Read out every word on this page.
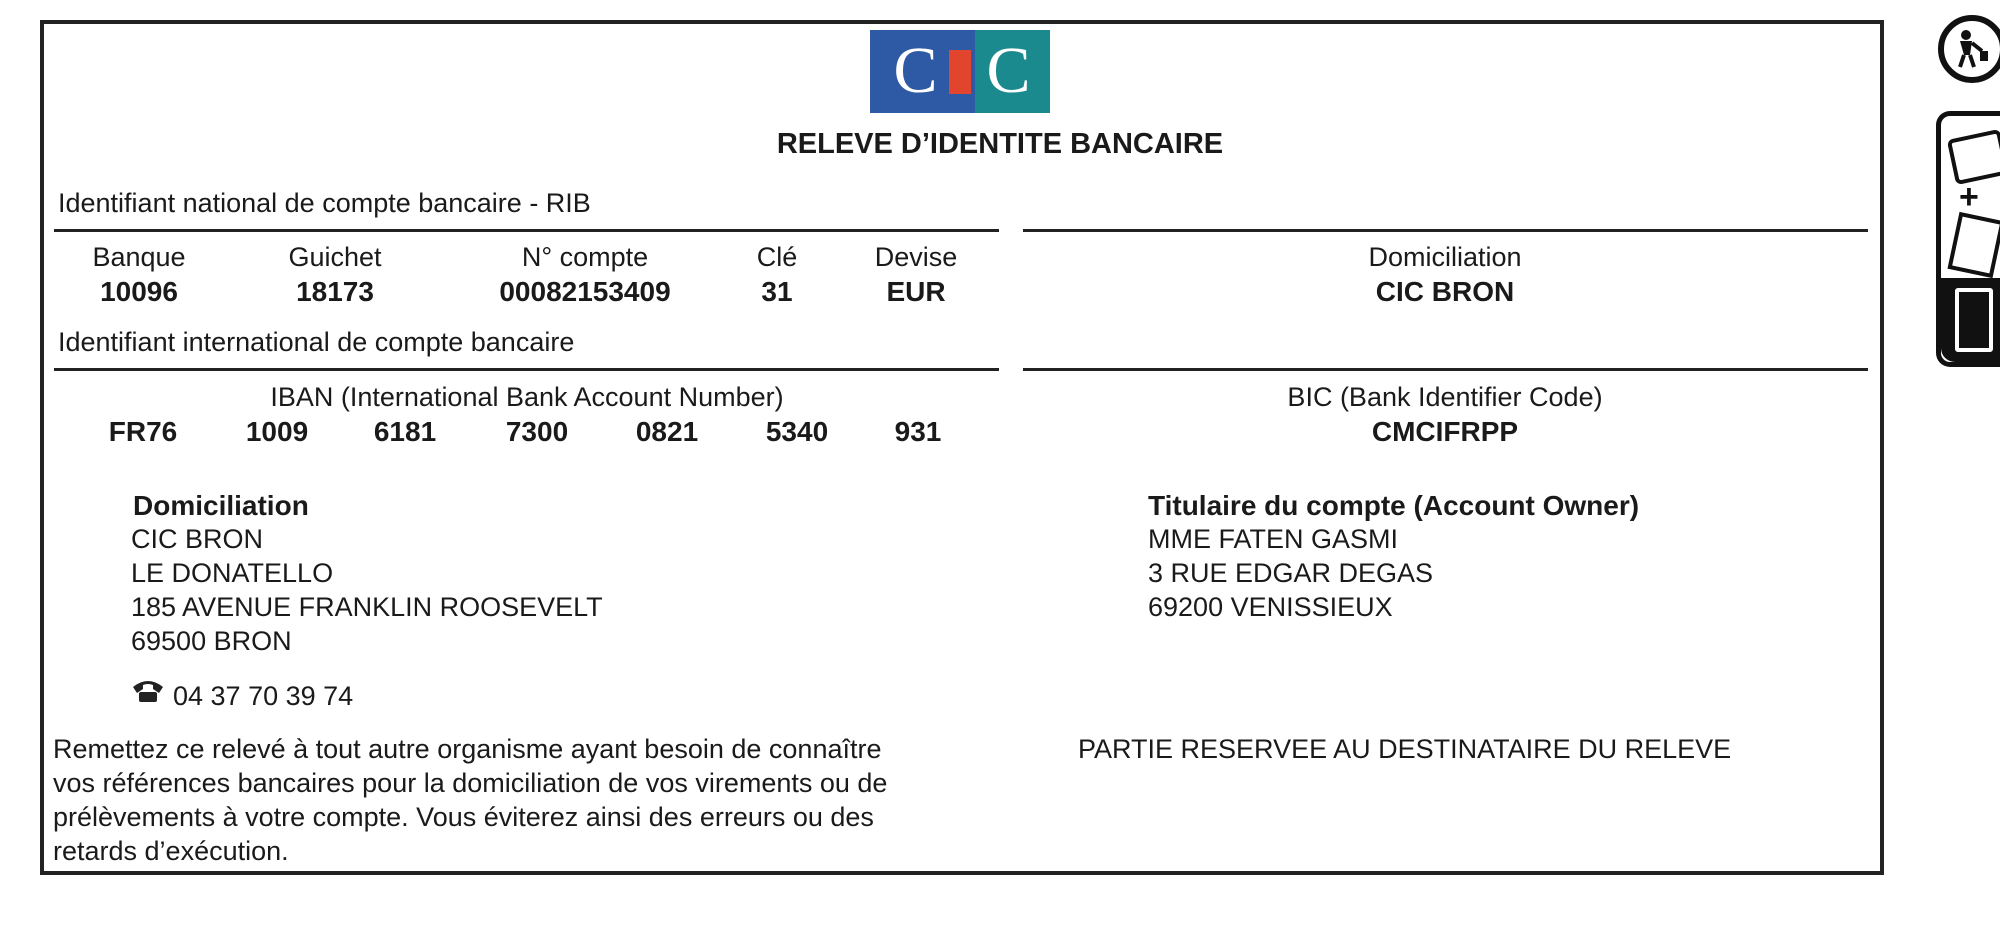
C C
RELEVE D’IDENTITE BANCAIRE
Identifiant national de compte bancaire - RIB
Banque
10096
Guichet
18173
N° compte
00082153409
Clé
31
Devise
EUR
Domiciliation
CIC BRON
Identifiant international de compte bancaire
IBAN (International Bank Account Number)
FR76 1009 6181 7300 0821 5340 931
BIC (Bank Identifier Code)
CMCIFRPP
Domiciliation
CIC BRON
LE DONATELLO
185 AVENUE FRANKLIN ROOSEVELT
69500 BRON
04 37 70 39 74
Titulaire du compte (Account Owner)
MME FATEN GASMI
3 RUE EDGAR DEGAS
69200 VENISSIEUX
Remettez ce relevé à tout autre organisme ayant besoin de connaître
vos références bancaires pour la domiciliation de vos virements ou de
prélèvements à votre compte. Vous éviterez ainsi des erreurs ou des
retards d’exécution.
PARTIE RESERVEE AU DESTINATAIRE DU RELEVE
+
